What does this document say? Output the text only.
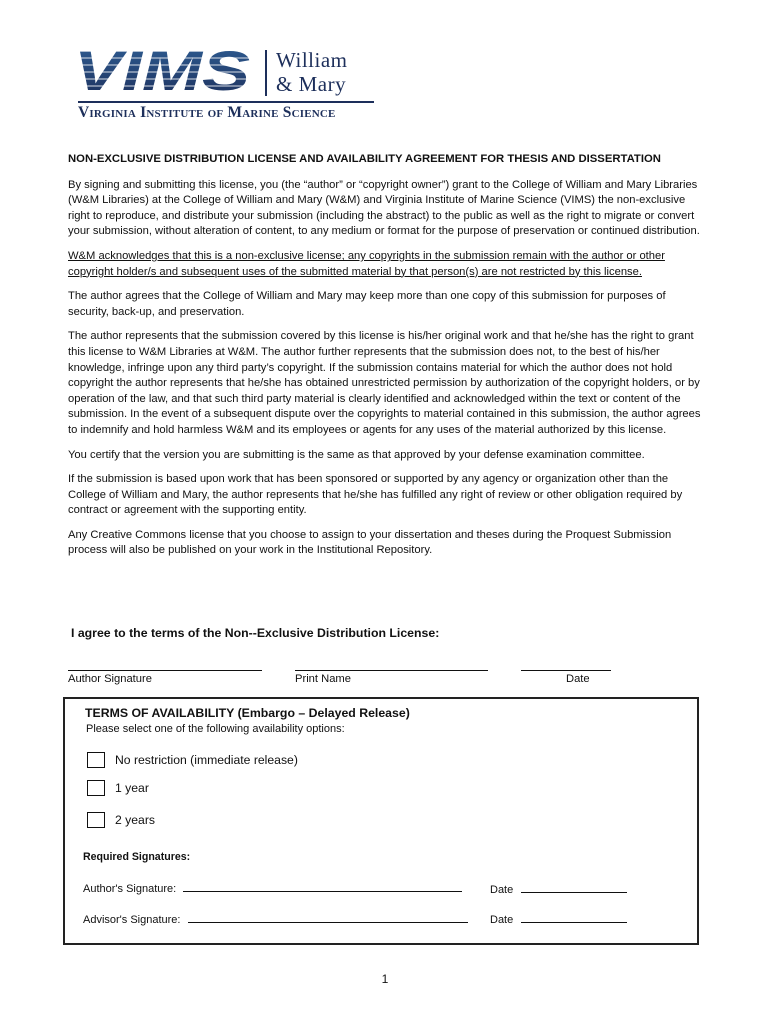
VIMS William
& Mary
Virginia Institute of Marine Science
NON-EXCLUSIVE DISTRIBUTION LICENSE AND AVAILABILITY AGREEMENT FOR THESIS AND DISSERTATION

By signing and submitting this license, you (the “author” or “copyright owner”) grant to the College of William and Mary Libraries (W&M Libraries) at the College of William and Mary (W&M) and Virginia Institute of Marine Science (VIMS) the non-exclusive right to reproduce, and distribute your submission (including the abstract) to the public as well as the right to migrate or convert your submission, without alteration of content, to any medium or format for the purpose of preservation or continued distribution.

W&M acknowledges that this is a non-exclusive license; any copyrights in the submission remain with the author or other copyright holder/s and subsequent uses of the submitted material by that person(s) are not restricted by this license.

The author agrees that the College of William and Mary may keep more than one copy of this submission for purposes of security, back-up, and preservation.

The author represents that the submission covered by this license is his/her original work and that he/she has the right to grant this license to W&M Libraries at W&M. The author further represents that the submission does not, to the best of his/her knowledge, infringe upon any third party’s copyright. If the submission contains material for which the author does not hold copyright the author represents that he/she has obtained unrestricted permission by authorization of the copyright holders, or by operation of the law, and that such third party material is clearly identified and acknowledged within the text or content of the submission. In the event of a subsequent dispute over the copyrights to material contained in this submission, the author agrees to indemnify and hold harmless W&M and its employees or agents for any uses of the material authorized by this license.

You certify that the version you are submitting is the same as that approved by your defense examination committee.

If the submission is based upon work that has been sponsored or supported by any agency or organization other than the College of William and Mary, the author represents that he/she has fulfilled any right of review or other obligation required by contract or agreement with the supporting entity.

Any Creative Commons license that you choose to assign to your dissertation and theses during the Proquest Submission process will also be published on your work in the Institutional Repository.

I agree to the terms of the Non--Exclusive Distribution License:
Author Signature	Print Name	Date
TERMS OF AVAILABILITY (Embargo – Delayed Release)
Please select one of the following availability options:
No restriction (immediate release)
1 year
2 years
Required Signatures:
Author's Signature:	Date
Advisor's Signature:	Date
1
